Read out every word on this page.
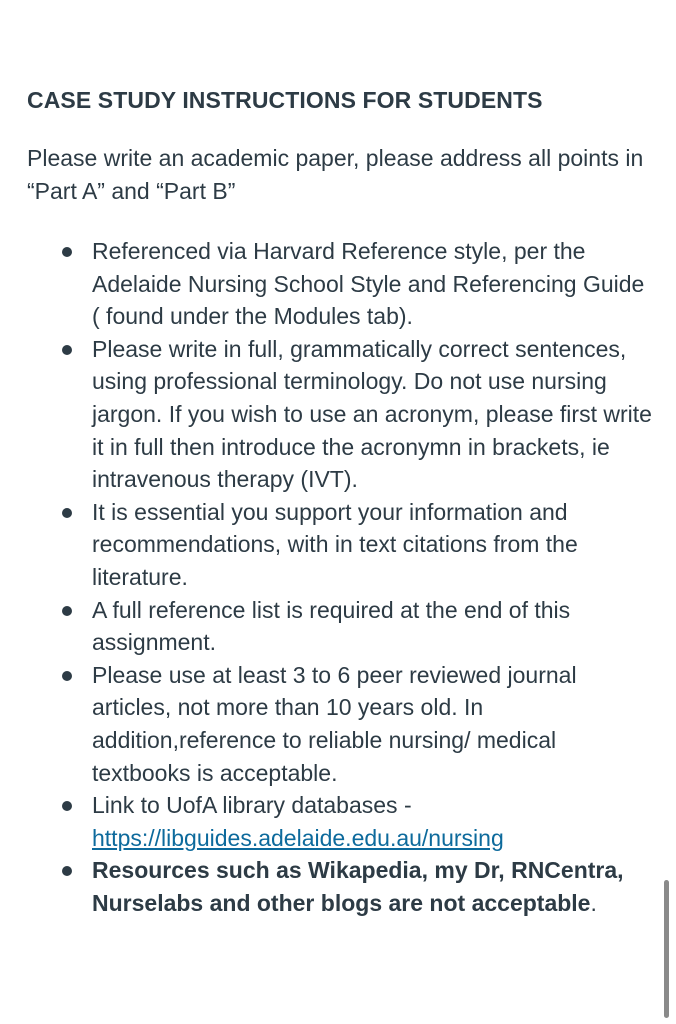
CASE STUDY INSTRUCTIONS FOR STUDENTS
Please write an academic paper, please address all points in “Part A” and “Part B”
Referenced via Harvard Reference style, per the Adelaide Nursing School Style and Referencing Guide ( found under the Modules tab).
Please write in full, grammatically correct sentences, using professional terminology. Do not use nursing jargon. If you wish to use an acronym, please first write it in full then introduce the acronymn in brackets, ie intravenous therapy (IVT).
It is essential you support your information and recommendations, with in text citations from the literature.
A full reference list is required at the end of this assignment.
Please use at least 3 to 6 peer reviewed journal articles, not more than 10 years old. In addition,reference to reliable nursing/ medical textbooks is acceptable.
Link to UofA library databases -
https://libguides.adelaide.edu.au/nursing
Resources such as Wikapedia, my Dr, RNCentra, Nurselabs and other blogs are not acceptable.
